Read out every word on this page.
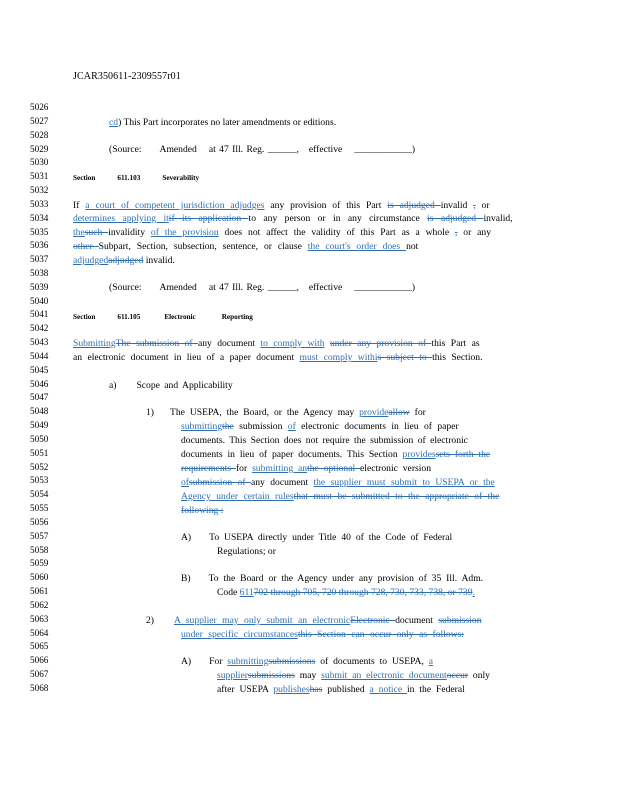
JCAR350611-2309557r01
5026
5027
5028
5029
5030
5031
5032
5033
5034
5035
5036
5037
5038
5039
5040
5041
5042
5043
5044
5045
5046
5047
5048
5049
5050
5051
5052
5053
5054
5055
5056
5057
5058
5059
5060
5061
5062
5063
5064
5065
5066
5067
5068
cd) This Part incorporates no later amendments or editions.
(Source: Amended at 47 Ill. Reg. ______, effective ____________)
Section	611.103	Severability
If a court of competent jurisdiction adjudges any provision of this Part is adjudged invalid , or
determines applying itif its application to any person or in any circumstance is adjudged invalid,
thesuch invalidity of the provision does not affect the validity of this Part as a whole , or any
other Subpart, Section, subsection, sentence, or clause the court's order does not
adjudgedadjudged invalid.
(Source: Amended at 47 Ill. Reg. ______, effective ____________)
Section	611.105	Electronic	Reporting
SubmittingThe submission of any document to comply with under any provision of this Part as
an electronic document in lieu of a paper document must comply withis subject to this Section.
a) Scope and Applicability
1) The USEPA, the Board, or the Agency may provideallow for
submittingthe submission of electronic documents in lieu of paper
documents. This Section does not require the submission of electronic
documents in lieu of paper documents. This Section providessets forth the
requirements for submitting anthe optional electronic version
ofsubmission of any document the supplier must submit to USEPA or the
Agency under certain rulesthat must be submitted to the appropriate of the
following :
A) To USEPA directly under Title 40 of the Code of Federal
Regulations; or
B) To the Board or the Agency under any provision of 35 Ill. Adm.
Code 611702 through 705, 720 through 728, 730, 733, 738, or 739.
2) A supplier may only submit an electronicElectronic document submission
under specific circumstancesthis Section can occur only as follows:
A) For submittingsubmissions of documents to USEPA, a
suppliersubmissions may submit an electronic documentoccur only
after USEPA publisheshas published a notice in the Federal
